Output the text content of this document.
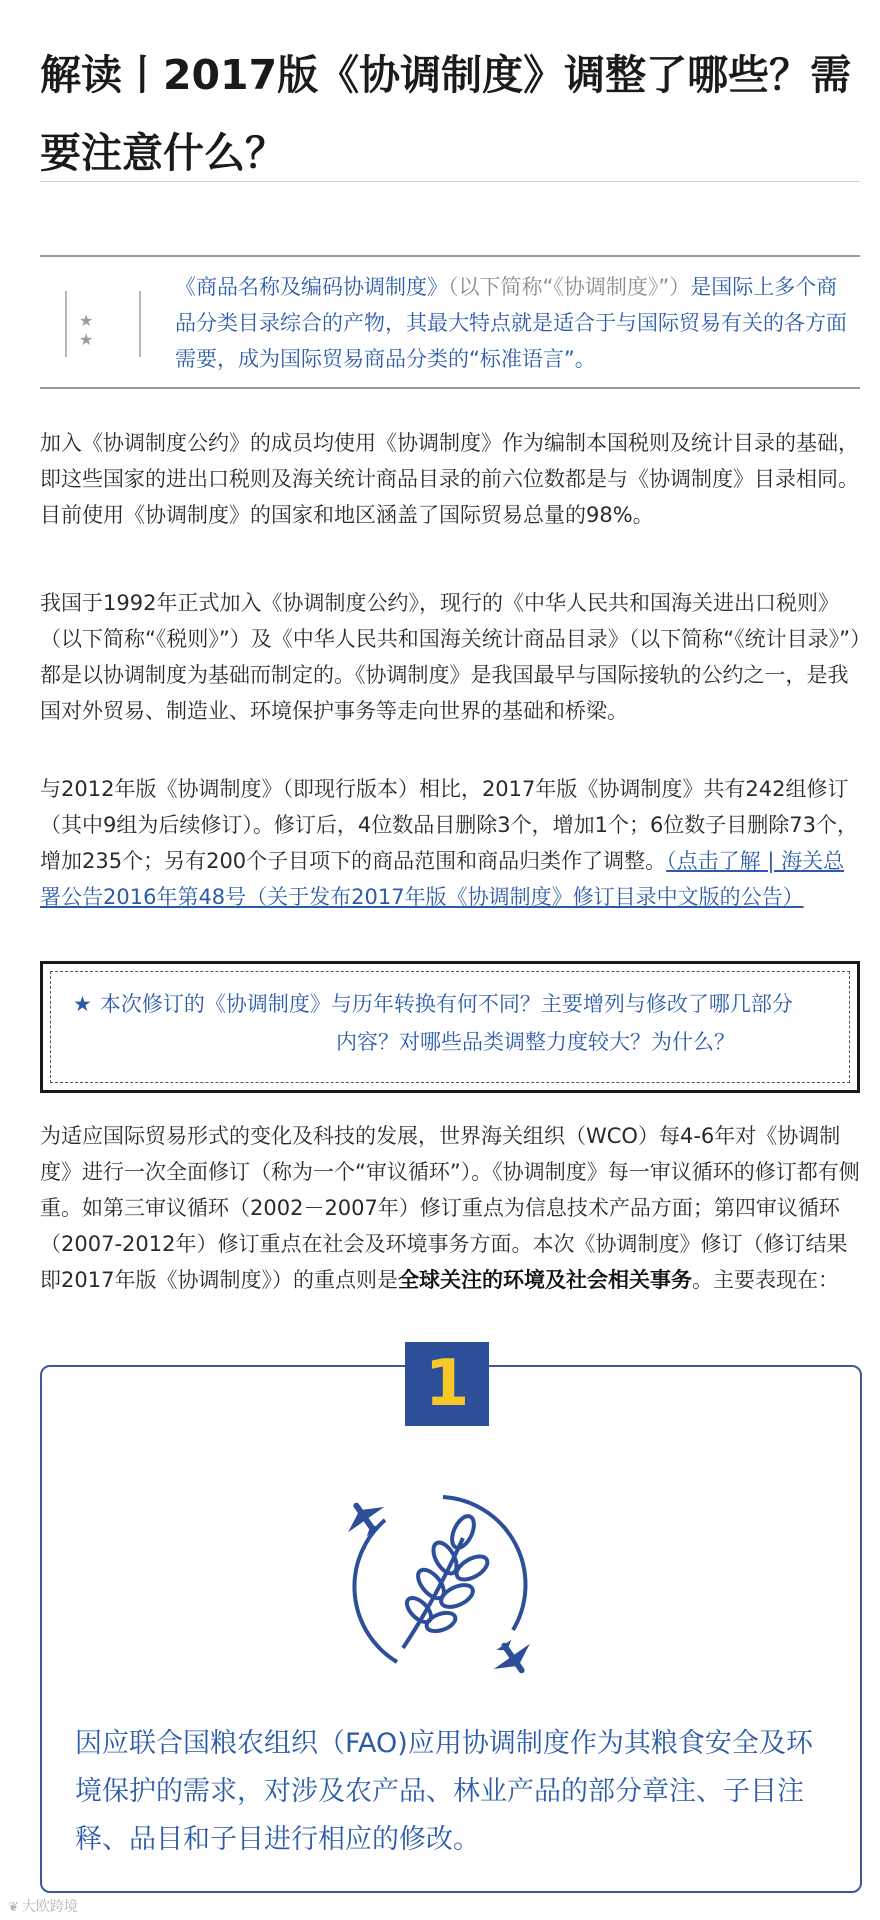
解读丨2017版《协调制度》调整了哪些？需要注意什么？
★ ★
《商品名称及编码协调制度》（以下简称“《协调制度》”）是国际上多个商品分类目录综合的产物，其最大特点就是适合于与国际贸易有关的各方面需要，成为国际贸易商品分类的“标准语言”。

加入《协调制度公约》的成员均使用《协调制度》作为编制本国税则及统计目录的基础，即这些国家的进出口税则及海关统计商品目录的前六位数都是与《协调制度》目录相同。目前使用《协调制度》的国家和地区涵盖了国际贸易总量的98%。

我国于1992年正式加入《协调制度公约》，现行的《中华人民共和国海关进出口税则》（以下简称“《税则》”）及《中华人民共和国海关统计商品目录》（以下简称“《统计目录》”）都是以协调制度为基础而制定的。《协调制度》是我国最早与国际接轨的公约之一，是我国对外贸易、制造业、环境保护事务等走向世界的基础和桥梁。

与2012年版《协调制度》（即现行版本）相比，2017年版《协调制度》共有242组修订（其中9组为后续修订）。修订后，4位数品目删除3个，增加1个；6位数子目删除73个，增加235个；另有200个子目项下的商品范围和商品归类作了调整。（点击了解 | 海关总署公告2016年第48号（关于发布2017年版《协调制度》修订目录中文版的公告）

★ 本次修订的《协调制度》与历年转换有何不同？主要增列与修改了哪几部分
内容？对哪些品类调整力度较大？为什么？

为适应国际贸易形式的变化及科技的发展，世界海关组织（WCO）每4-6年对《协调制度》进行一次全面修订（称为一个“审议循环”）。《协调制度》每一审议循环的修订都有侧重。如第三审议循环（2002－2007年）修订重点为信息技术产品方面；第四审议循环（2007-2012年）修订重点在社会及环境事务方面。本次《协调制度》修订（修订结果即2017年版《协调制度》）的重点则是全球关注的环境及社会相关事务。主要表现在：

1

因应联合国粮农组织（FAO)应用协调制度作为其粮食安全及环境保护的需求，对涉及农产品、林业产品的部分章注、子目注释、品目和子目进行相应的修改。

❦ 大欧跨境
